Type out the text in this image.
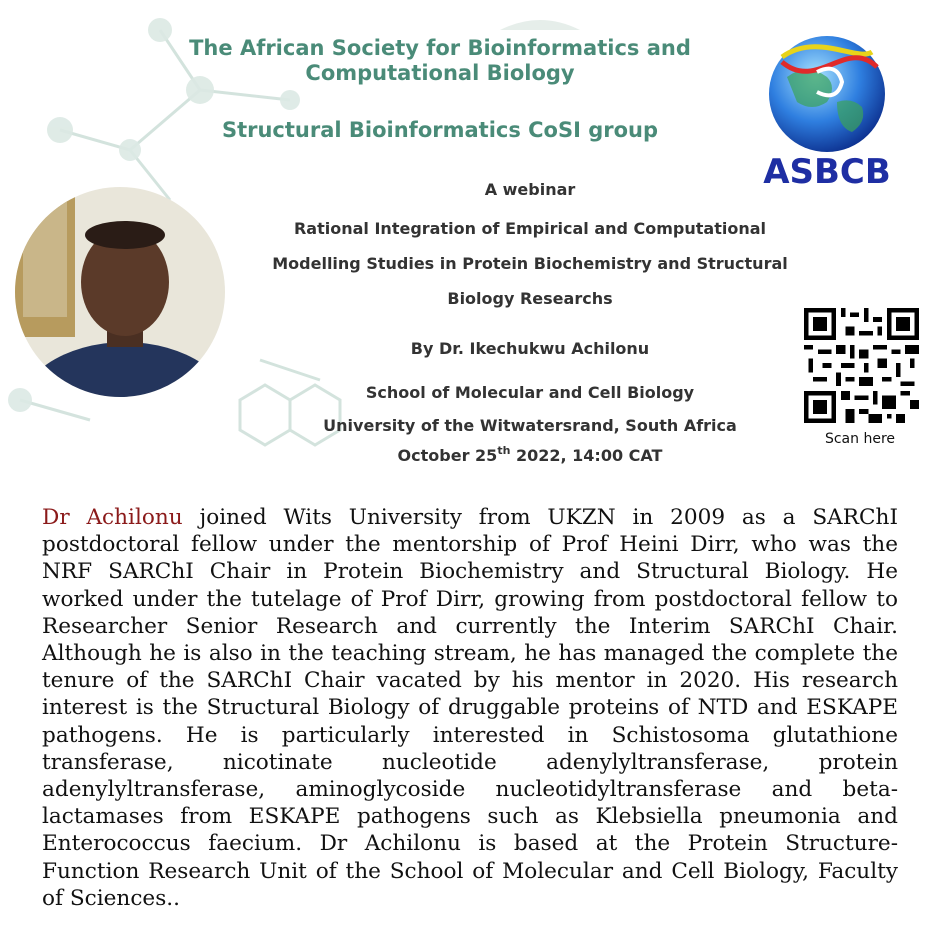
The African Society for Bioinformatics and
Computational Biology
Structural Bioinformatics CoSI group
ASBCB
A webinar
Rational Integration of Empirical and Computational
Modelling Studies in Protein Biochemistry and Structural
Biology Researchs
By Dr. Ikechukwu Achilonu
School of Molecular and Cell Biology
University of the Witwatersrand, South Africa
October 25th 2022, 14:00 CAT
Scan here

Dr Achilonu joined Wits University from UKZN in 2009 as a SARChI postdoctoral fellow under the mentorship of Prof Heini Dirr, who was the NRF SARChI Chair in Protein Biochemistry and Structural Biology. He worked under the tutelage of Prof Dirr, growing from postdoctoral fellow to Researcher Senior Research and currently the Interim SARChI Chair. Although he is also in the teaching stream, he has managed the complete the tenure of the SARChI Chair vacated by his mentor in 2020. His research interest is the Structural Biology of druggable proteins of NTD and ESKAPE pathogens. He is particularly interested in Schistosoma glutathione transferase, nicotinate nucleotide adenylyltransferase, protein adenylyltransferase, aminoglycoside nucleotidyltransferase and beta-lactamases from ESKAPE pathogens such as Klebsiella pneumonia and Enterococcus faecium. Dr Achilonu is based at the Protein Structure-Function Research Unit of the School of Molecular and Cell Biology, Faculty of Sciences..
